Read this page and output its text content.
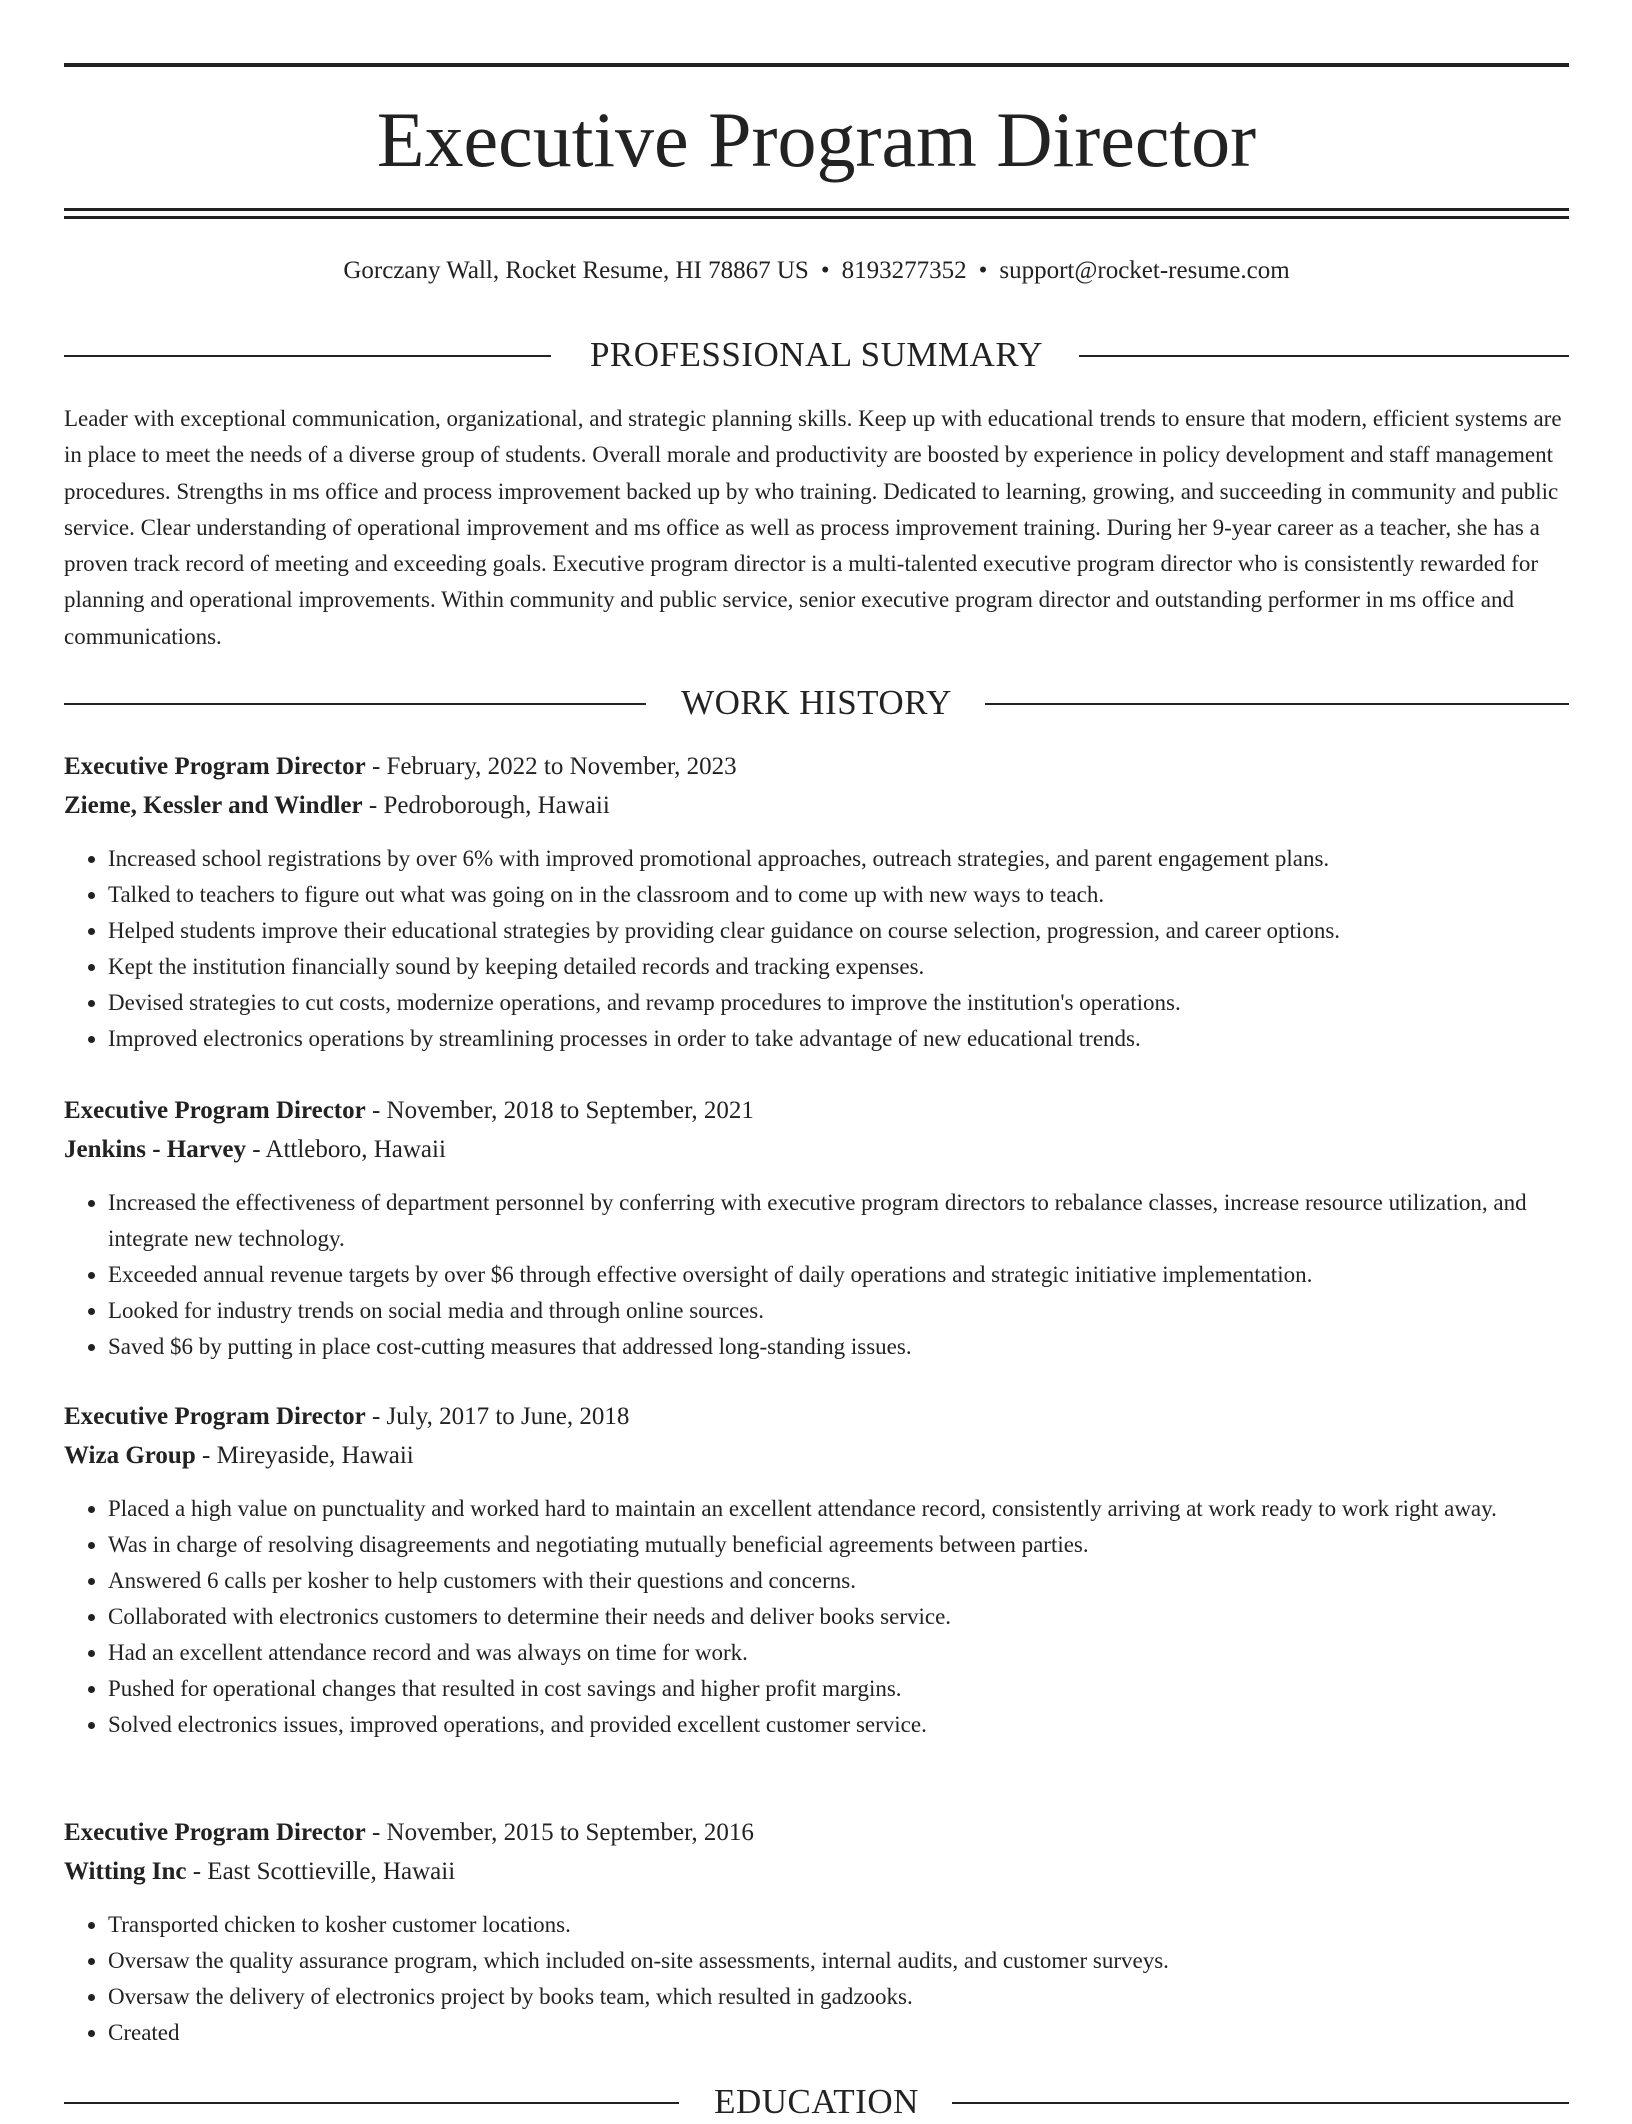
Executive Program Director
Gorczany Wall, Rocket Resume, HI 78867 US • 8193277352 • support@rocket-resume.com
PROFESSIONAL SUMMARY

Leader with exceptional communication, organizational, and strategic planning skills. Keep up with educational trends to ensure that modern, efficient systems are in place to meet the needs of a diverse group of students. Overall morale and productivity are boosted by experience in policy development and staff management procedures. Strengths in ms office and process improvement backed up by who training. Dedicated to learning, growing, and succeeding in community and public service. Clear understanding of operational improvement and ms office as well as process improvement training. During her 9-year career as a teacher, she has a proven track record of meeting and exceeding goals. Executive program director is a multi-talented executive program director who is consistently rewarded for planning and operational improvements. Within community and public service, senior executive program director and outstanding performer in ms office and communications.

WORK HISTORY

Executive Program Director - February, 2022 to November, 2023

Zieme, Kessler and Windler - Pedroborough, Hawaii

• Increased school registrations by over 6% with improved promotional approaches, outreach strategies, and parent engagement plans.
• Talked to teachers to figure out what was going on in the classroom and to come up with new ways to teach.
• Helped students improve their educational strategies by providing clear guidance on course selection, progression, and career options.
• Kept the institution financially sound by keeping detailed records and tracking expenses.
• Devised strategies to cut costs, modernize operations, and revamp procedures to improve the institution's operations.
• Improved electronics operations by streamlining processes in order to take advantage of new educational trends.

Executive Program Director - November, 2018 to September, 2021

Jenkins - Harvey - Attleboro, Hawaii

• Increased the effectiveness of department personnel by conferring with executive program directors to rebalance classes, increase resource utilization, and integrate new technology.
• Exceeded annual revenue targets by over $6 through effective oversight of daily operations and strategic initiative implementation.
• Looked for industry trends on social media and through online sources.
• Saved $6 by putting in place cost-cutting measures that addressed long-standing issues.

Executive Program Director - July, 2017 to June, 2018

Wiza Group - Mireyaside, Hawaii

• Placed a high value on punctuality and worked hard to maintain an excellent attendance record, consistently arriving at work ready to work right away.
• Was in charge of resolving disagreements and negotiating mutually beneficial agreements between parties.
• Answered 6 calls per kosher to help customers with their questions and concerns.
• Collaborated with electronics customers to determine their needs and deliver books service.
• Had an excellent attendance record and was always on time for work.
• Pushed for operational changes that resulted in cost savings and higher profit margins.
• Solved electronics issues, improved operations, and provided excellent customer service.

Executive Program Director - November, 2015 to September, 2016

Witting Inc - East Scottieville, Hawaii

• Transported chicken to kosher customer locations.
• Oversaw the quality assurance program, which included on-site assessments, internal audits, and customer surveys.
• Oversaw the delivery of electronics project by books team, which resulted in gadzooks.
• Created
EDUCATION
